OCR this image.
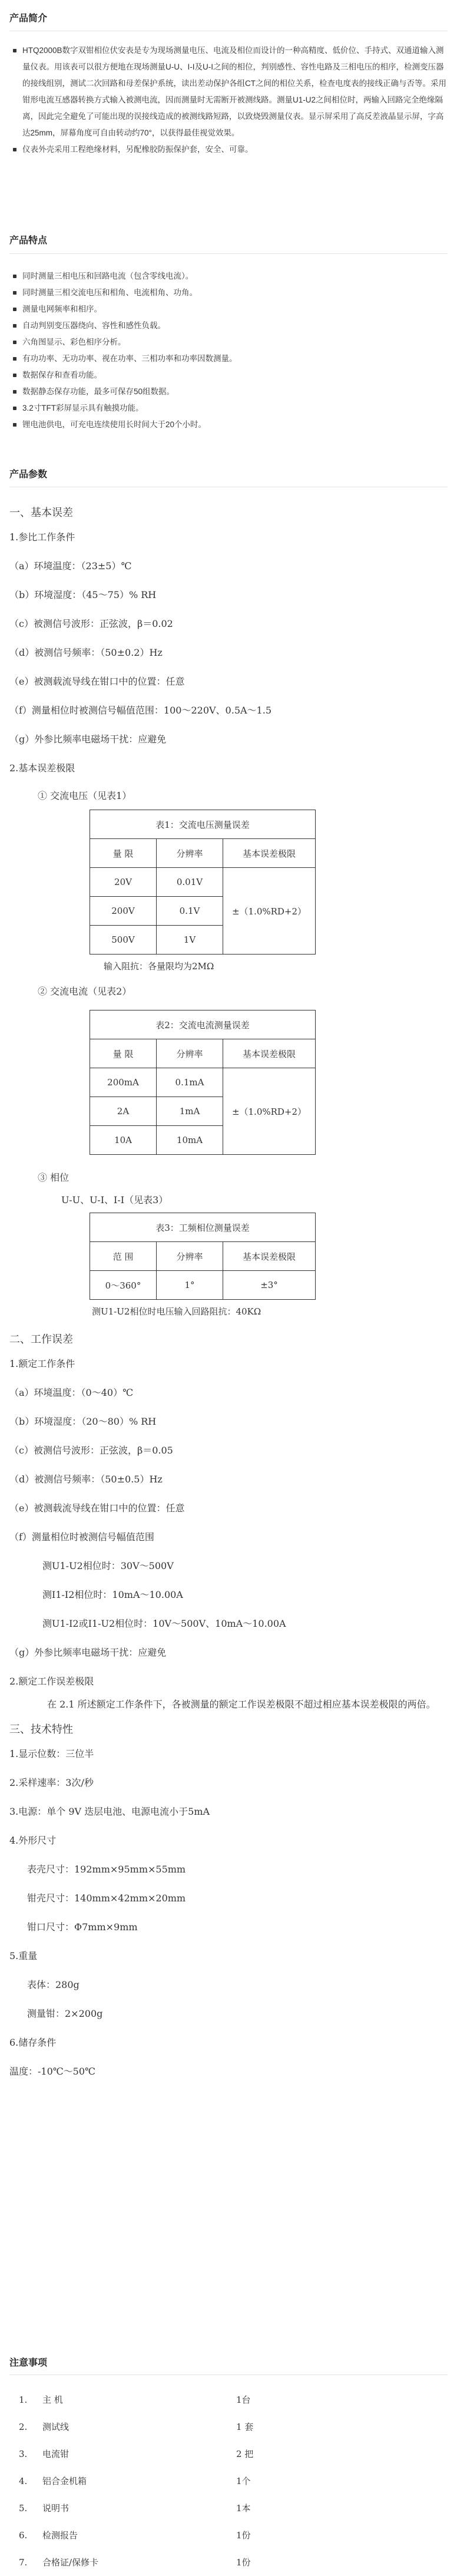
产品简介
HTQ2000B数字双钳相位伏安表是专为现场测量电压、电流及相位而设计的一种高精度、低价位、手持式、双通道输入测量仪表。用该表可以很方便地在现场测量U-U、I-I及U-I之间的相位，判别感性、容性电路及三相电压的相序，检测变压器的接线组别，测试二次回路和母差保护系统，读出差动保护各组CT之间的相位关系，检查电度表的接线正确与否等。采用钳形电流互感器转换方式输入被测电流，因而测量时无需断开被测线路。测量U1-U2之间相位时，两输入回路完全绝缘隔离，因此完全避免了可能出现的误接线造成的被测线路短路，以致烧毁测量仪表。显示屏采用了高反差液晶显示屏，字高达25mm，屏幕角度可自由转动约70°，以获得最佳视觉效果。
仪表外壳采用工程绝缘材料，另配橡胶防振保护套，安全、可靠。
产品特点
同时测量三相电压和回路电流（包含零线电流）。
同时测量三相交流电压和相角、电流相角、功角。
测量电网频率和相序。
自动判别变压器绕向、容性和感性负载。
六角图显示、彩色相序分析。
有功功率、无功功率、视在功率、三相功率和功率因数测量。
数据保存和查看功能。
数据静态保存功能，最多可保存50组数据。
3.2寸TFT彩屏显示具有触摸功能。
锂电池供电，可充电连续使用长时间大于20个小时。
产品参数
一、基本误差
1.参比工作条件
（a）环境温度：（23±5）℃
（b）环境湿度：（45～75）% RH
（c）被测信号波形：正弦波，β＝0.02
（d）被测信号频率：（50±0.2）Hz
（e）被测载流导线在钳口中的位置：任意
（f）测量相位时被测信号幅值范围：100～220V、0.5A～1.5
（g）外参比频率电磁场干扰：应避免
2.基本误差极限
① 交流电压（见表1）
表1：交流电压测量误差		
量 限	分辨率	基本误差极限
20V	0.01V	±（1.0%RD+2）
200V	0.1V	
500V	1V	
输入阻抗：各量限均为2MΩ
② 交流电流（见表2）
表2：交流电流测量误差		
量 限	分辨率	基本误差极限
200mA	0.1mA	±（1.0%RD+2）
2A	1mA	
10A	10mA	
③ 相位
U-U、U-I、I-I（见表3）
表3：工频相位测量误差		
范 围	分辨率	基本误差极限
0～360°	1°	±3°
测U1-U2相位时电压输入回路阻抗：40KΩ
二、工作误差
1.额定工作条件
（a）环境温度：（0～40）℃
（b）环境湿度：（20～80）% RH
（c）被测信号波形：正弦波，β＝0.05
（d）被测信号频率：（50±0.5）Hz
（e）被测载流导线在钳口中的位置：任意
（f）测量相位时被测信号幅值范围
测U1-U2相位时：30V～500V
测I1-I2相位时：10mA～10.00A
测U1-I2或I1-U2相位时：10V～500V、10mA～10.00A
（g）外参比频率电磁场干扰：应避免
2.额定工作误差极限
在 2.1 所述额定工作条件下，各被测量的额定工作误差极限不超过相应基本误差极限的两倍。
三、技术特性
1.显示位数：三位半
2.采样速率：3次/秒
3.电源：单个 9V 迭层电池、电源电流小于5mA
4.外形尺寸
表壳尺寸：192mm×95mm×55mm
钳壳尺寸：140mm×42mm×20mm
钳口尺寸：Φ7mm×9mm
5.重量
表体：280g
测量钳：2×200g
6.储存条件
温度：-10℃～50℃
注意事项
1. 主 机	1台
2. 测试线	1 套
3. 电流钳	2 把
4. 铝合金机箱	1个
5. 说明书	1本
6. 检测报告	1份
7. 合格证/保修卡	1份
